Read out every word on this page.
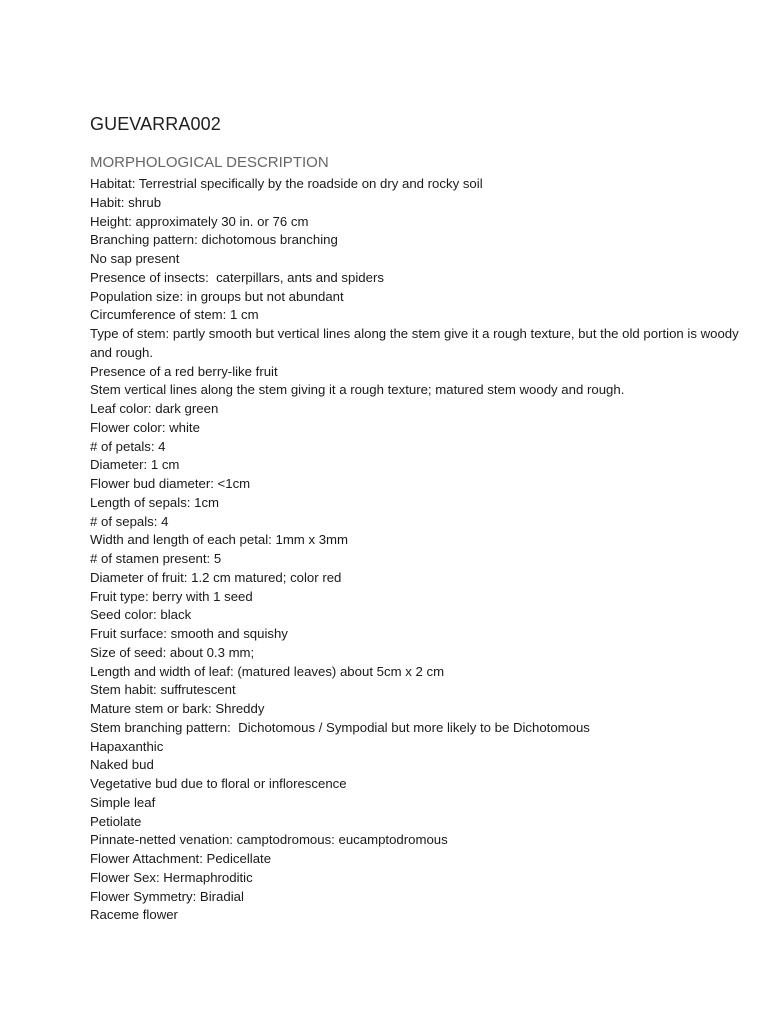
GUEVARRA002
MORPHOLOGICAL DESCRIPTION
Habitat: Terrestrial specifically by the roadside on dry and rocky soil
Habit: shrub
Height: approximately 30 in. or 76 cm
Branching pattern: dichotomous branching
No sap present
Presence of insects:  caterpillars, ants and spiders
Population size: in groups but not abundant
Circumference of stem: 1 cm
Type of stem: partly smooth but vertical lines along the stem give it a rough texture, but the old portion is woody and rough.
Presence of a red berry-like fruit
Stem vertical lines along the stem giving it a rough texture; matured stem woody and rough.
Leaf color: dark green
Flower color: white
# of petals: 4
Diameter: 1 cm
Flower bud diameter: <1cm
Length of sepals: 1cm
# of sepals: 4
Width and length of each petal: 1mm x 3mm
# of stamen present: 5
Diameter of fruit: 1.2 cm matured; color red
Fruit type: berry with 1 seed
Seed color: black
Fruit surface: smooth and squishy
Size of seed: about 0.3 mm;
Length and width of leaf: (matured leaves) about 5cm x 2 cm
Stem habit: suffrutescent
Mature stem or bark: Shreddy
Stem branching pattern:  Dichotomous / Sympodial but more likely to be Dichotomous
Hapaxanthic
Naked bud
Vegetative bud due to floral or inflorescence
Simple leaf
Petiolate
Pinnate-netted venation: camptodromous: eucamptodromous
Flower Attachment: Pedicellate
Flower Sex: Hermaphroditic
Flower Symmetry: Biradial
Raceme flower
